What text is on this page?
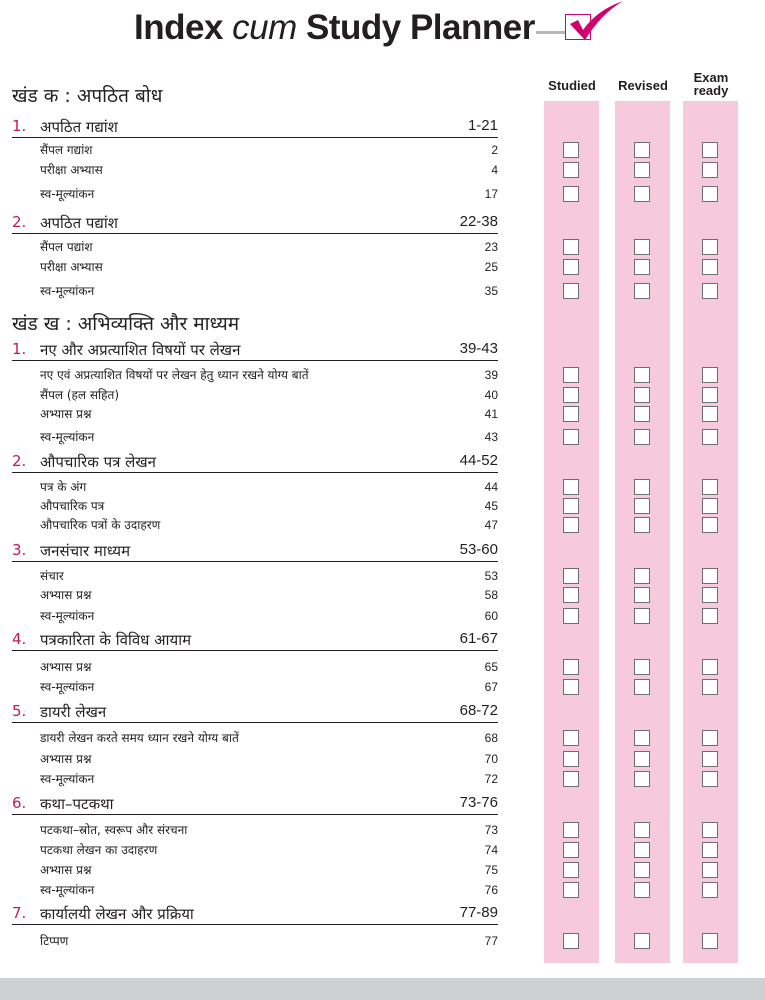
Index cum Study Planner
Studied	Revised
Exam
ready
खंड क : अपठित बोध
1. अपठित गद्यांश	1-21
सैंपल गद्यांश	2
परीक्षा अभ्यास	4
स्व-मूल्यांकन	17
2. अपठित पद्यांश	22-38
सैंपल पद्यांश	23
परीक्षा अभ्यास	25
स्व-मूल्यांकन	35
खंड ख : अभिव्यक्ति और माध्यम
1. नए और अप्रत्याशित विषयों पर लेखन	39-43
नए एवं अप्रत्याशित विषयों पर लेखन हेतु ध्यान रखने योग्य बातें	39
सैंपल (हल सहित)	40
अभ्यास प्रश्न	41
स्व-मूल्यांकन	43
2. औपचारिक पत्र लेखन	44-52
पत्र के अंग	44
औपचारिक पत्र	45
औपचारिक पत्रों के उदाहरण	47
3. जनसंचार माध्यम	53-60
संचार	53
अभ्यास प्रश्न	58
स्व-मूल्यांकन	60
4. पत्रकारिता के विविध आयाम	61-67
अभ्यास प्रश्न	65
स्व-मूल्यांकन	67
5. डायरी लेखन	68-72
डायरी लेखन करते समय ध्यान रखने योग्य बातें	68
अभ्यास प्रश्न	70
स्व-मूल्यांकन	72
6. कथा–पटकथा	73-76
पटकथा–स्रोत, स्वरूप और संरचना	73
पटकथा लेखन का उदाहरण	74
अभ्यास प्रश्न	75
स्व-मूल्यांकन	76
7. कार्यालयी लेखन और प्रक्रिया	77-89
टिप्पण	77
